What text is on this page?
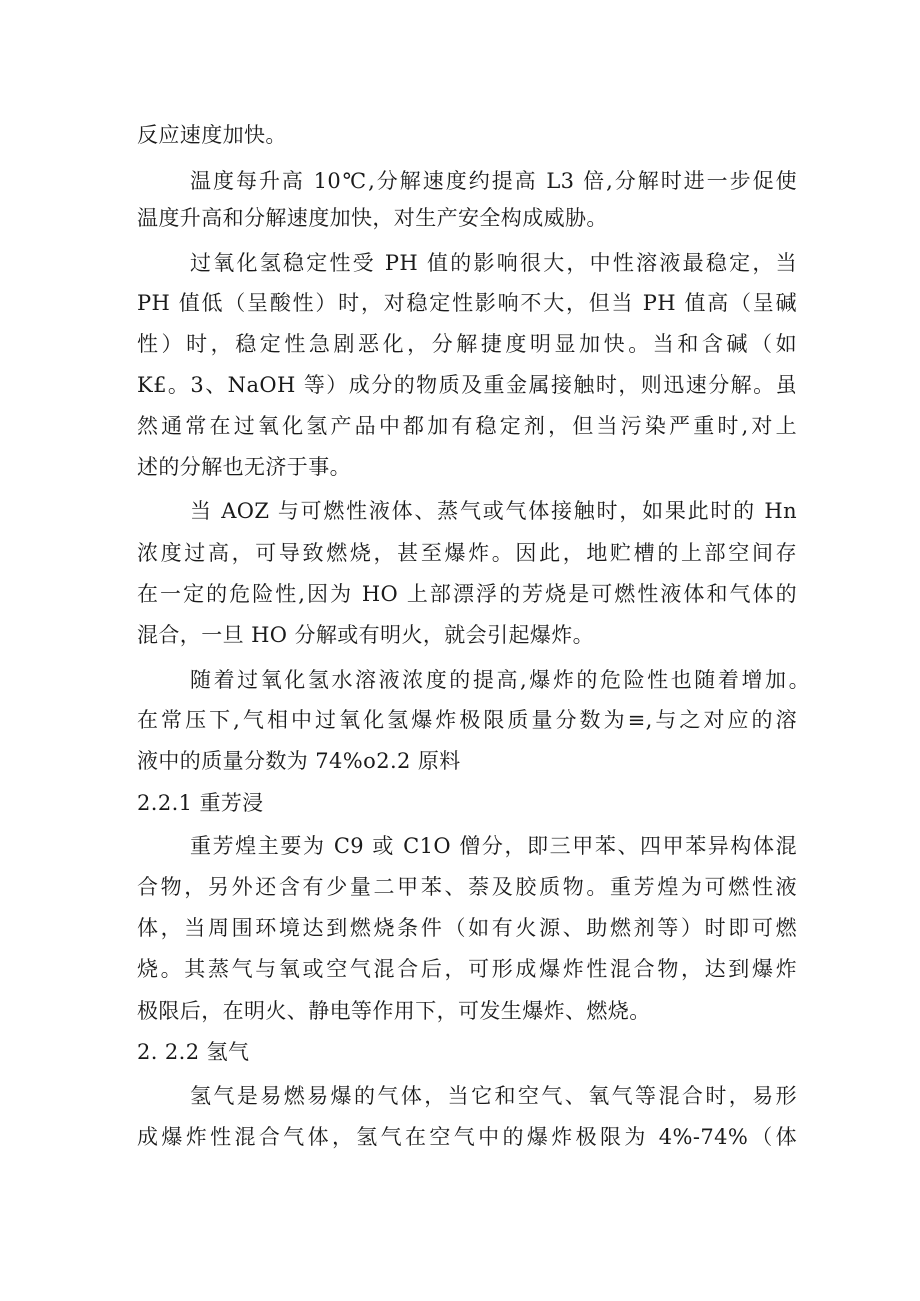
反应速度加快。
温度每升高 10℃,分解速度约提高 L3 倍,分解时进一步促使
温度升高和分解速度加快，对生产安全构成威胁。
过氧化氢稳定性受 PH 值的影响很大，中性溶液最稳定，当
PH 值低（呈酸性）时，对稳定性影响不大，但当 PH 值高（呈碱
性）时，稳定性急剧恶化，分解捷度明显加快。当和含碱（如
K£。3、NaOH 等）成分的物质及重金属接触时，则迅速分解。虽
然通常在过氧化氢产品中都加有稳定剂，但当污染严重时,对上
述的分解也无济于事。
当 AOZ 与可燃性液体、蒸气或气体接触时，如果此时的 Hn
浓度过高，可导致燃烧，甚至爆炸。因此，地贮槽的上部空间存
在一定的危险性,因为 HO 上部漂浮的芳烧是可燃性液体和气体的
混合，一旦 HO 分解或有明火，就会引起爆炸。
随着过氧化氢水溶液浓度的提高,爆炸的危险性也随着增加。
在常压下,气相中过氧化氢爆炸极限质量分数为≡,与之对应的溶
液中的质量分数为 74%o2.2 原料
2.2.1 重芳浸
重芳煌主要为 C9 或 C1O 僧分，即三甲苯、四甲苯异构体混
合物，另外还含有少量二甲苯、萘及胶质物。重芳煌为可燃性液
体，当周围环境达到燃烧条件（如有火源、助燃剂等）时即可燃
烧。其蒸气与氧或空气混合后，可形成爆炸性混合物，达到爆炸
极限后，在明火、静电等作用下，可发生爆炸、燃烧。
2. 2.2 氢气
氢气是易燃易爆的气体，当它和空气、氧气等混合时，易形
成爆炸性混合气体，氢气在空气中的爆炸极限为 4%-74%（体
